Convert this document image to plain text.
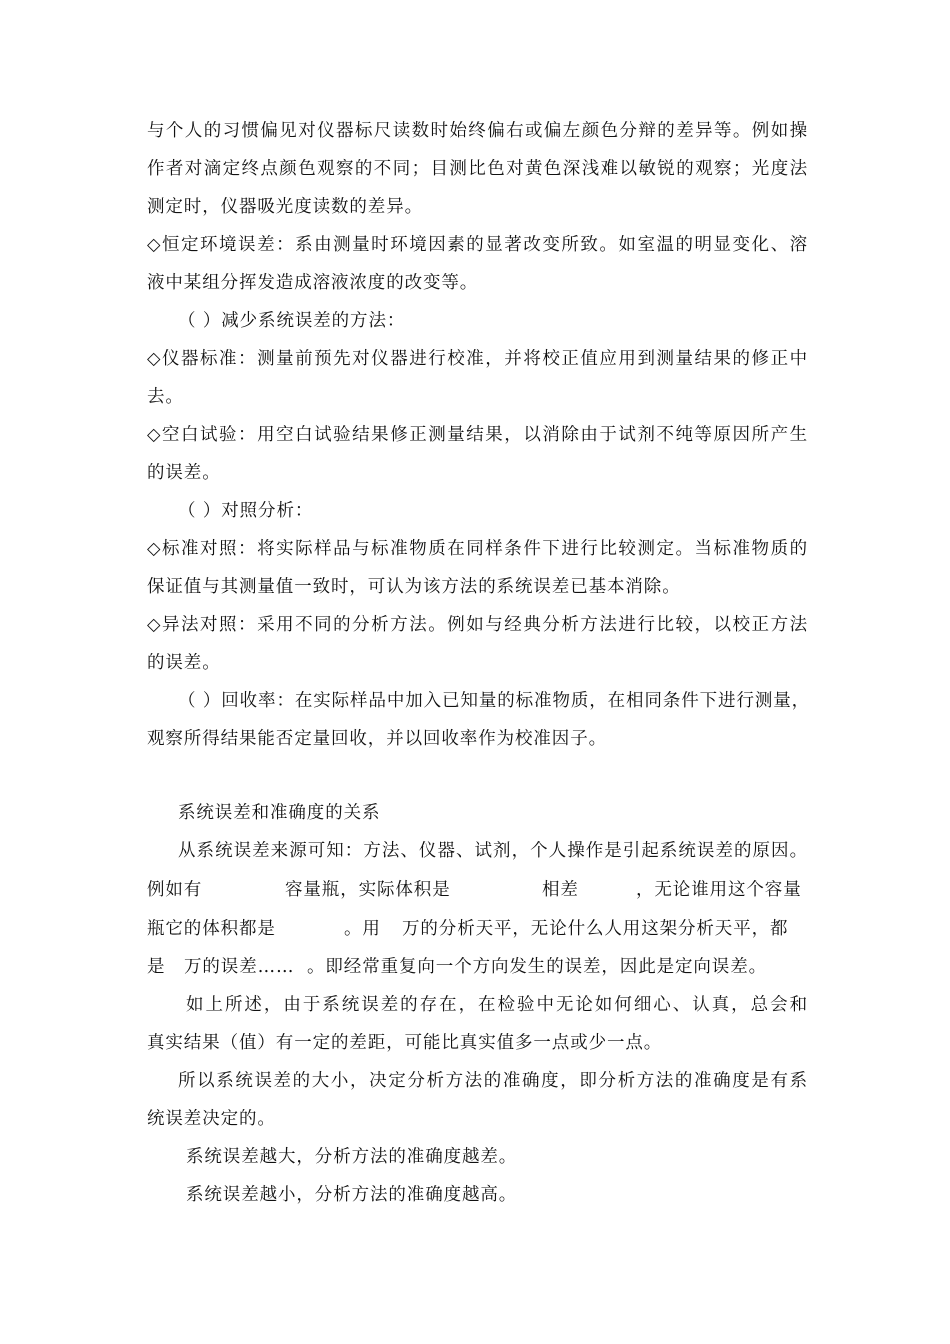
与个人的习惯偏见对仪器标尺读数时始终偏右或偏左颜色分辩的差异等。例如操
作者对滴定终点颜色观察的不同；目测比色对黄色深浅难以敏锐的观察；光度法
测定时，仪器吸光度读数的差异。
◇恒定环境误差：系由测量时环境因素的显著改变所致。如室温的明显变化、溶
液中某组分挥发造成溶液浓度的改变等。
（ ）减少系统误差的方法：
◇仪器标准：测量前预先对仪器进行校准，并将校正值应用到测量结果的修正中
去。
◇空白试验：用空白试验结果修正测量结果，以消除由于试剂不纯等原因所产生
的误差。
（ ）对照分析：
◇标准对照：将实际样品与标准物质在同样条件下进行比较测定。当标准物质的
保证值与其测量值一致时，可认为该方法的系统误差已基本消除。
◇异法对照：采用不同的分析方法。例如与经典分析方法进行比较，以校正方法
的误差。
（ ）回收率：在实际样品中加入已知量的标准物质，在相同条件下进行测量，
观察所得结果能否定量回收，并以回收率作为校准因子。
系统误差和准确度的关系
从系统误差来源可知：方法、仪器、试剂，个人操作是引起系统误差的原因。
例如有	容量瓶，实际体积是	相差	，无论谁用这个容量
瓶它的体积都是	。用 万的分析天平，无论什么人用这架分析天平，都
是 万的误差…… 。即经常重复向一个方向发生的误差，因此是定向误差。
如上所述，由于系统误差的存在，在检验中无论如何细心、认真，总会和
真实结果（值）有一定的差距，可能比真实值多一点或少一点。
所以系统误差的大小，决定分析方法的准确度，即分析方法的准确度是有系
统误差决定的。
系统误差越大，分析方法的准确度越差。
系统误差越小，分析方法的准确度越高。
